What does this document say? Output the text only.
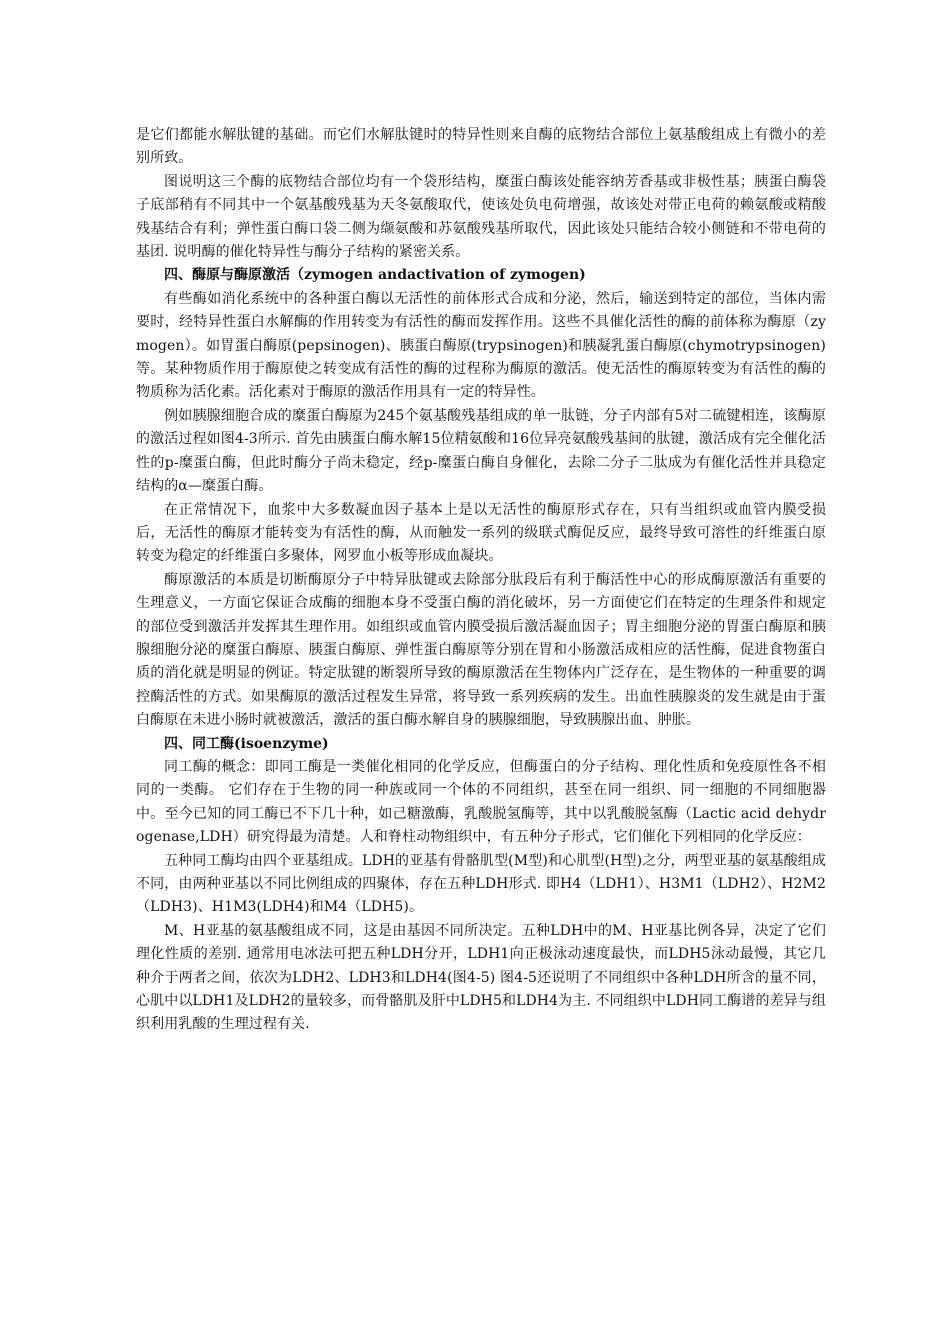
是它们都能水解肽键的基础。而它们水解肽键时的特异性则来自酶的底物结合部位上氨基酸组成上有微小的差别所致。

图说明这三个酶的底物结合部位均有一个袋形结构，糜蛋白酶该处能容纳芳香基或非极性基；胰蛋白酶袋子底部稍有不同其中一个氨基酸残基为天冬氨酸取代，使该处负电荷增强，故该处对带正电荷的赖氨酸或精酸残基结合有利；弹性蛋白酶口袋二侧为缬氨酸和苏氨酸残基所取代，因此该处只能结合较小侧链和不带电荷的基团. 说明酶的催化特异性与酶分子结构的紧密关系。

四、酶原与酶原激活（zymogen andactivation of zymogen)

有些酶如消化系统中的各种蛋白酶以无活性的前体形式合成和分泌，然后，输送到特定的部位，当体内需要时，经特异性蛋白水解酶的作用转变为有活性的酶而发挥作用。这些不具催化活性的酶的前体称为酶原（zymogen）。如胃蛋白酶原(pepsinogen)、胰蛋白酶原(trypsinogen)和胰凝乳蛋白酶原(chymotrypsinogen)等。某种物质作用于酶原使之转变成有活性的酶的过程称为酶原的激活。使无活性的酶原转变为有活性的酶的物质称为活化素。活化素对于酶原的激活作用具有一定的特异性。

例如胰腺细胞合成的糜蛋白酶原为245个氨基酸残基组成的单一肽链，分子内部有5对二硫键相连，该酶原的激活过程如图4-3所示. 首先由胰蛋白酶水解15位精氨酸和16位异亮氨酸残基间的肽键，激活成有完全催化活性的p-糜蛋白酶，但此时酶分子尚未稳定，经p-糜蛋白酶自身催化，去除二分子二肽成为有催化活性并具稳定结构的α—糜蛋白酶。

在正常情况下，血浆中大多数凝血因子基本上是以无活性的酶原形式存在，只有当组织或血管内膜受损后，无活性的酶原才能转变为有活性的酶，从而触发一系列的级联式酶促反应，最终导致可溶性的纤维蛋白原转变为稳定的纤维蛋白多聚体，网罗血小板等形成血凝块。

酶原激活的本质是切断酶原分子中特异肽键或去除部分肽段后有利于酶活性中心的形成酶原激活有重要的生理意义，一方面它保证合成酶的细胞本身不受蛋白酶的消化破坏，另一方面使它们在特定的生理条件和规定的部位受到激活并发挥其生理作用。如组织或血管内膜受损后激活凝血因子；胃主细胞分泌的胃蛋白酶原和胰腺细胞分泌的糜蛋白酶原、胰蛋白酶原、弹性蛋白酶原等分别在胃和小肠激活成相应的活性酶，促进食物蛋白质的消化就是明显的例证。特定肽键的断裂所导致的酶原激活在生物体内广泛存在，是生物体的一种重要的调控酶活性的方式。如果酶原的激活过程发生异常，将导致一系列疾病的发生。出血性胰腺炎的发生就是由于蛋白酶原在未进小肠时就被激活，激活的蛋白酶水解自身的胰腺细胞，导致胰腺出血、肿胀。

四、同工酶(isoenzyme)

同工酶的概念：即同工酶是一类催化相同的化学反应，但酶蛋白的分子结构、理化性质和免疫原性各不相同的一类酶。 它们存在于生物的同一种族或同一个体的不同组织，甚至在同一组织、同一细胞的不同细胞器中。至今已知的同工酶已不下几十种，如己糖激酶，乳酸脱氢酶等，其中以乳酸脱氢酶（Lactic acid dehydrogenase,LDH）研究得最为清楚。人和脊柱动物组织中，有五种分子形式，它们催化下列相同的化学反应：

五种同工酶均由四个亚基组成。LDH的亚基有骨骼肌型(M型)和心肌型(H型)之分，两型亚基的氨基酸组成不同，由两种亚基以不同比例组成的四聚体，存在五种LDH形式. 即H4（LDH1）、H3M1（LDH2）、H2M2（LDH3)、H1M3(LDH4)和M4（LDH5)。

M、H亚基的氨基酸组成不同，这是由基因不同所决定。五种LDH中的M、H亚基比例各异，决定了它们理化性质的差别. 通常用电冰法可把五种LDH分开，LDH1向正极泳动速度最快，而LDH5泳动最慢，其它几种介于两者之间，依次为LDH2、LDH3和LDH4(图4-5) 图4-5还说明了不同组织中各种LDH所含的量不同，心肌中以LDH1及LDH2的量较多，而骨骼肌及肝中LDH5和LDH4为主. 不同组织中LDH同工酶谱的差异与组织利用乳酸的生理过程有关.
